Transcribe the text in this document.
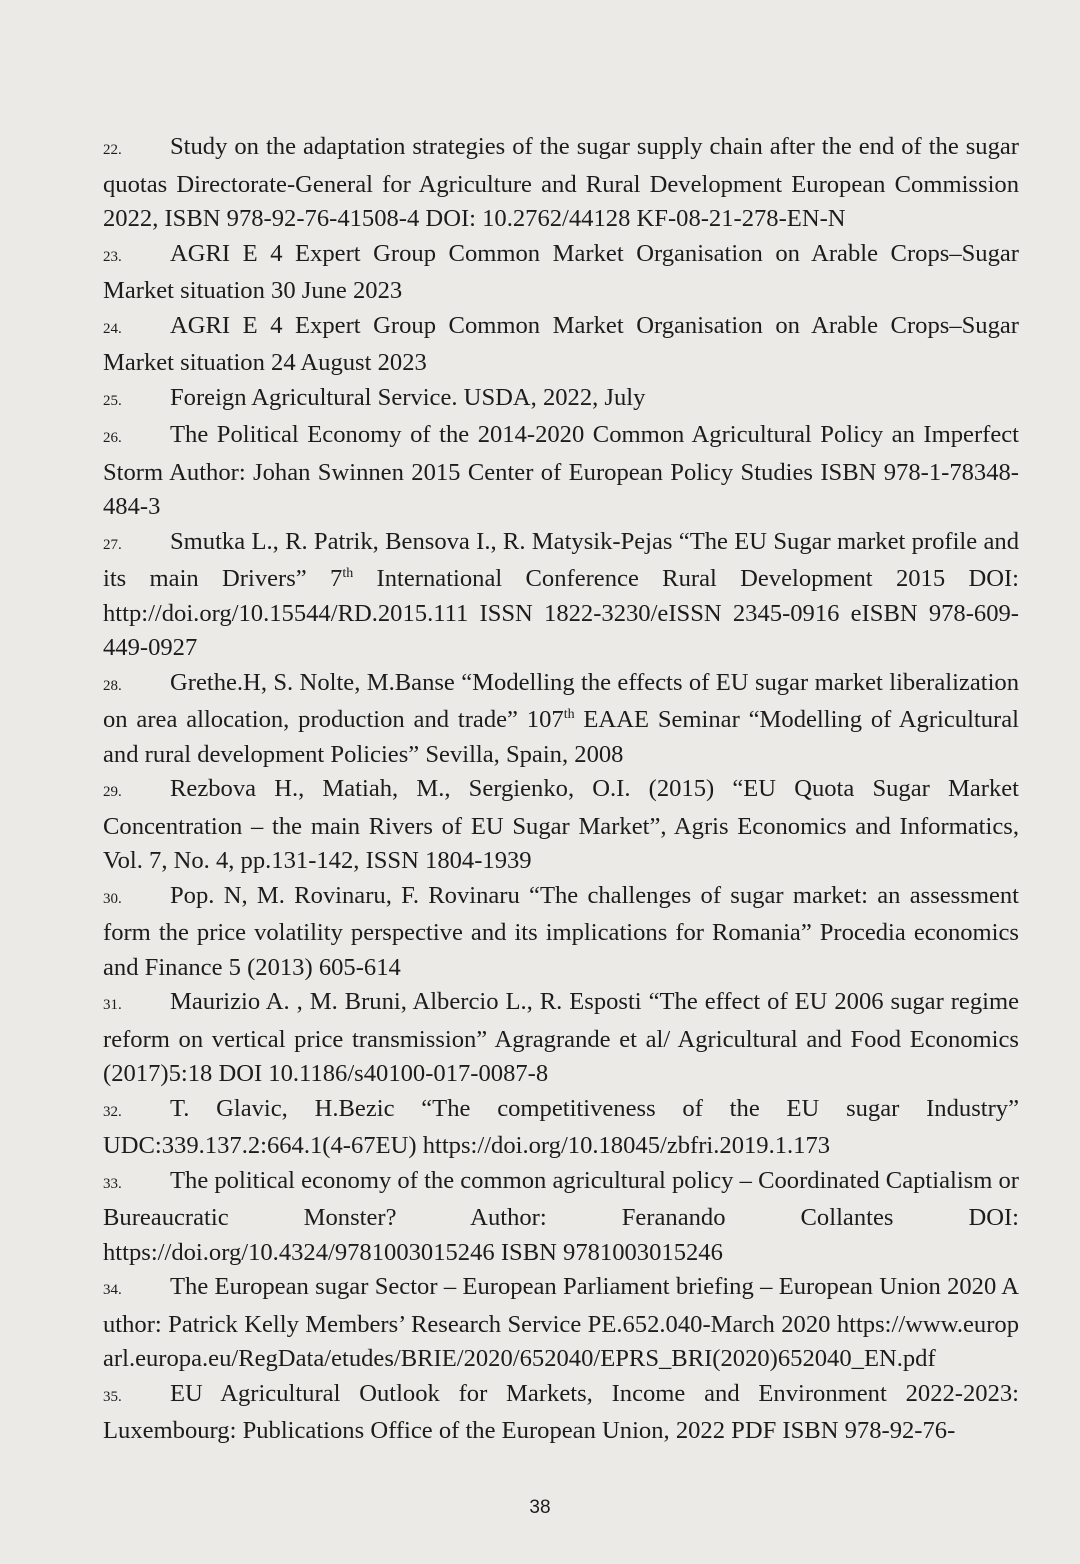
22. Study on the adaptation strategies of the sugar supply chain after the end of the sugar quotas Directorate-General for Agriculture and Rural Development European Commission 2022, ISBN 978-92-76-41508-4 DOI: 10.2762/44128 KF-08-21-278-EN-N

23. AGRI E 4 Expert Group Common Market Organisation on Arable Crops–Sugar Market situation 30 June 2023

24. AGRI E 4 Expert Group Common Market Organisation on Arable Crops–Sugar Market situation 24 August 2023

25. Foreign Agricultural Service. USDA, 2022, July

26. The Political Economy of the 2014-2020 Common Agricultural Policy an Imperfect Storm Author: Johan Swinnen 2015 Center of European Policy Studies ISBN 978-1-78348-484-3

27. Smutka L., R. Patrik, Bensova I., R. Matysik-Pejas “The EU Sugar market profile and its main Drivers” 7th International Conference Rural Development 2015 DOI: http://doi.org/10.15544/RD.2015.111 ISSN 1822-3230/eISSN 2345-0916 eISBN 978-609-449-0927

28. Grethe.H, S. Nolte, M.Banse “Modelling the effects of EU sugar market liberalization on area allocation, production and trade” 107th EAAE Seminar “Modelling of Agricultural and rural development Policies” Sevilla, Spain, 2008

29. Rezbova H., Matiah, M., Sergienko, O.I. (2015) “EU Quota Sugar Market Concentration – the main Rivers of EU Sugar Market”, Agris Economics and Informatics, Vol. 7, No. 4, pp.131-142, ISSN 1804-1939

30. Pop. N, M. Rovinaru, F. Rovinaru “The challenges of sugar market: an assessment form the price volatility perspective and its implications for Romania” Procedia economics and Finance 5 (2013) 605-614

31. Maurizio A. , M. Bruni, Albercio L., R. Esposti “The effect of EU 2006 sugar regime reform on vertical price transmission” Agragrande et al/ Agricultural and Food Economics (2017)5:18 DOI 10.1186/s40100-017-0087-8

32. T. Glavic, H.Bezic “The competitiveness of the EU sugar Industry” UDC:339.137.2:664.1(4-67EU) https://doi.org/10.18045/zbfri.2019.1.173

33. The political economy of the common agricultural policy – Coordinated Captialism or Bureaucratic Monster? Author: Feranando Collantes DOI: https://doi.org/10.4324/9781003015246 ISBN 9781003015246

34. The European sugar Sector – European Parliament briefing – European Union 2020 Author: Patrick Kelly Members’ Research Service PE.652.040-March 2020 https://www.europarl.europa.eu/RegData/etudes/BRIE/2020/652040/EPRS_BRI(2020)652040_EN.pdf

35. EU Agricultural Outlook for Markets, Income and Environment 2022-2023: Luxembourg: Publications Office of the European Union, 2022 PDF ISBN 978-92-76-

38
